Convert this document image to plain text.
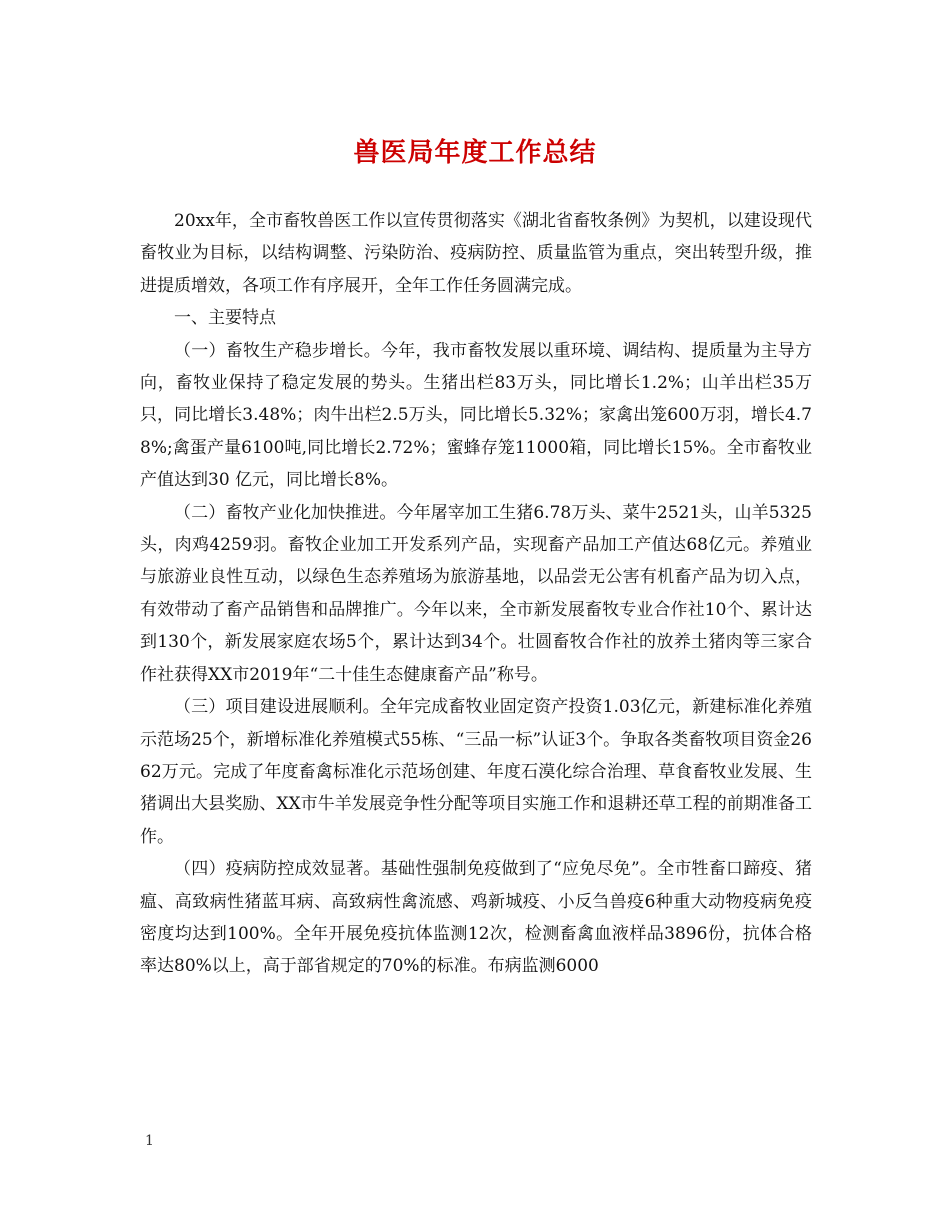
兽医局年度工作总结

20xx年，全市畜牧兽医工作以宣传贯彻落实《湖北省畜牧条例》为契机，以建设现代畜牧业为目标，以结构调整、污染防治、疫病防控、质量监管为重点，突出转型升级，推进提质增效，各项工作有序展开，全年工作任务圆满完成。

一、主要特点

（一）畜牧生产稳步增长。今年，我市畜牧发展以重环境、调结构、提质量为主导方向，畜牧业保持了稳定发展的势头。生猪出栏83万头，同比增长1.2%；山羊出栏35万只，同比增长3.48%；肉牛出栏2.5万头，同比增长5.32%；家禽出笼600万羽，增长4.78%;禽蛋产量6100吨,同比增长2.72%；蜜蜂存笼11000箱，同比增长15%。全市畜牧业产值达到30 亿元，同比增长8%。

（二）畜牧产业化加快推进。今年屠宰加工生猪6.78万头、菜牛2521头，山羊5325头，肉鸡4259羽。畜牧企业加工开发系列产品，实现畜产品加工产值达68亿元。养殖业与旅游业良性互动，以绿色生态养殖场为旅游基地，以品尝无公害有机畜产品为切入点，有效带动了畜产品销售和品牌推广。今年以来，全市新发展畜牧专业合作社10个、累计达到130个，新发展家庭农场5个，累计达到34个。壮圆畜牧合作社的放养土猪肉等三家合作社获得XX市2019年“二十佳生态健康畜产品”称号。

（三）项目建设进展顺利。全年完成畜牧业固定资产投资1.03亿元，新建标准化养殖示范场25个，新增标准化养殖模式55栋、“三品一标”认证3个。争取各类畜牧项目资金2662万元。完成了年度畜禽标准化示范场创建、年度石漠化综合治理、草食畜牧业发展、生猪调出大县奖励、XX市牛羊发展竞争性分配等项目实施工作和退耕还草工程的前期准备工作。

（四）疫病防控成效显著。基础性强制免疫做到了“应免尽免”。全市牲畜口蹄疫、猪瘟、高致病性猪蓝耳病、高致病性禽流感、鸡新城疫、小反刍兽疫6种重大动物疫病免疫密度均达到100%。全年开展免疫抗体监测12次，检测畜禽血液样品3896份，抗体合格率达80%以上，高于部省规定的70%的标准。布病监测6000

1
